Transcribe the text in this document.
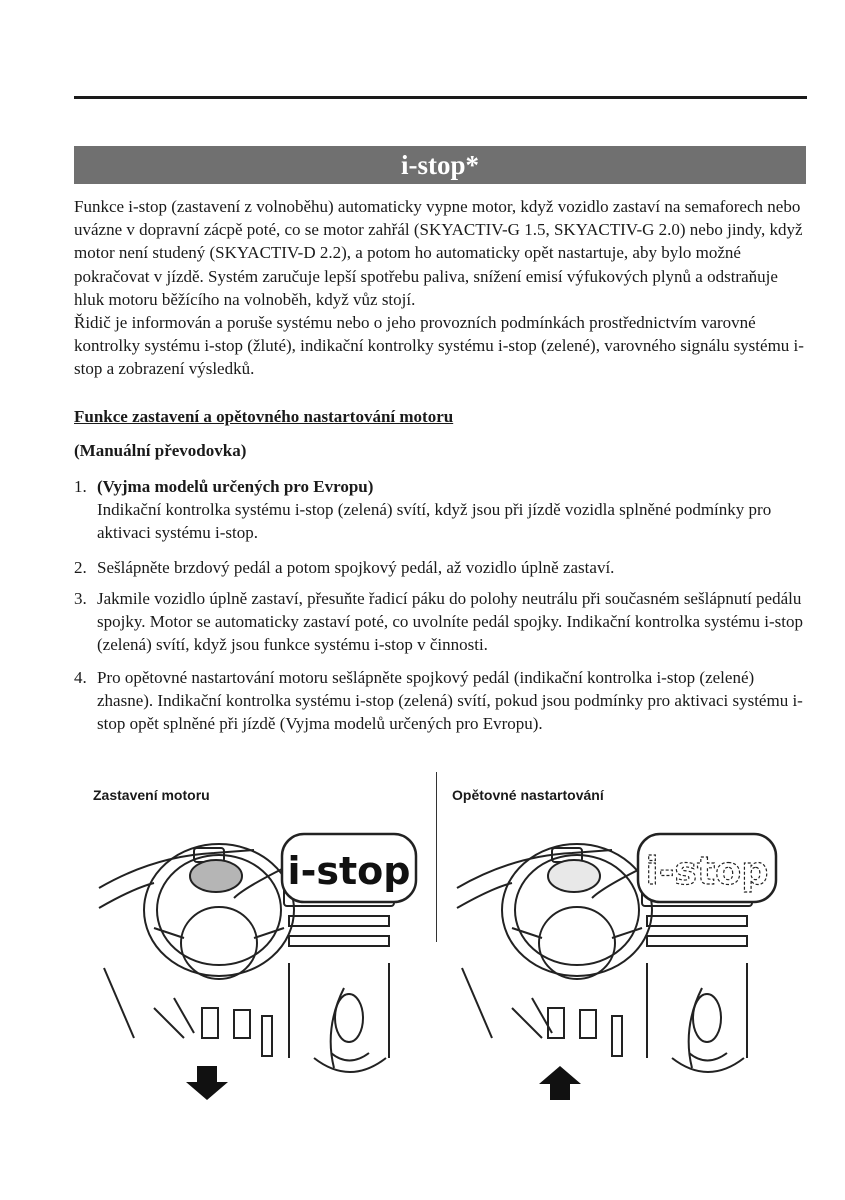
i-stop*

Funkce i-stop (zastavení z volnoběhu) automaticky vypne motor, když vozidlo zastaví na semaforech nebo uvázne v dopravní zácpě poté, co se motor zahřál (SKYACTIV-G 1.5, SKYACTIV-G 2.0) nebo jindy, když motor není studený (SKYACTIV-D 2.2), a potom ho automaticky opět nastartuje, aby bylo možné pokračovat v jízdě. Systém zaručuje lepší spotřebu paliva, snížení emisí výfukových plynů a odstraňuje hluk motoru běžícího na volnoběh, když vůz stojí.

Řidič je informován a poruše systému nebo o jeho provozních podmínkách prostřednictvím varovné kontrolky systému i-stop (žluté), indikační kontrolky systému i-stop (zelené), varovného signálu systému i-stop a zobrazení výsledků.

Funkce zastavení a opětovného nastartování motoru
(Manuální převodovka)
1. (Vyjma modelů určených pro Evropu)
Indikační kontrolka systému i-stop (zelená) svítí, když jsou při jízdě vozidla splněné podmínky pro aktivaci systému i-stop.
2. Sešlápněte brzdový pedál a potom spojkový pedál, až vozidlo úplně zastaví.
3. Jakmile vozidlo úplně zastaví, přesuňte řadicí páku do polohy neutrálu při současném sešlápnutí pedálu spojky. Motor se automaticky zastaví poté, co uvolníte pedál spojky. Indikační kontrolka systému i-stop (zelená) svítí, když jsou funkce systému i-stop v činnosti.
4. Pro opětovné nastartování motoru sešlápněte spojkový pedál (indikační kontrolka i-stop (zelené) zhasne). Indikační kontrolka systému i-stop (zelená) svítí, pokud jsou podmínky pro aktivaci systému i-stop opět splněné při jízdě (Vyjma modelů určených pro Evropu).
Zastavení motoru	Opětovné nastartování
i-stop	i-stop
